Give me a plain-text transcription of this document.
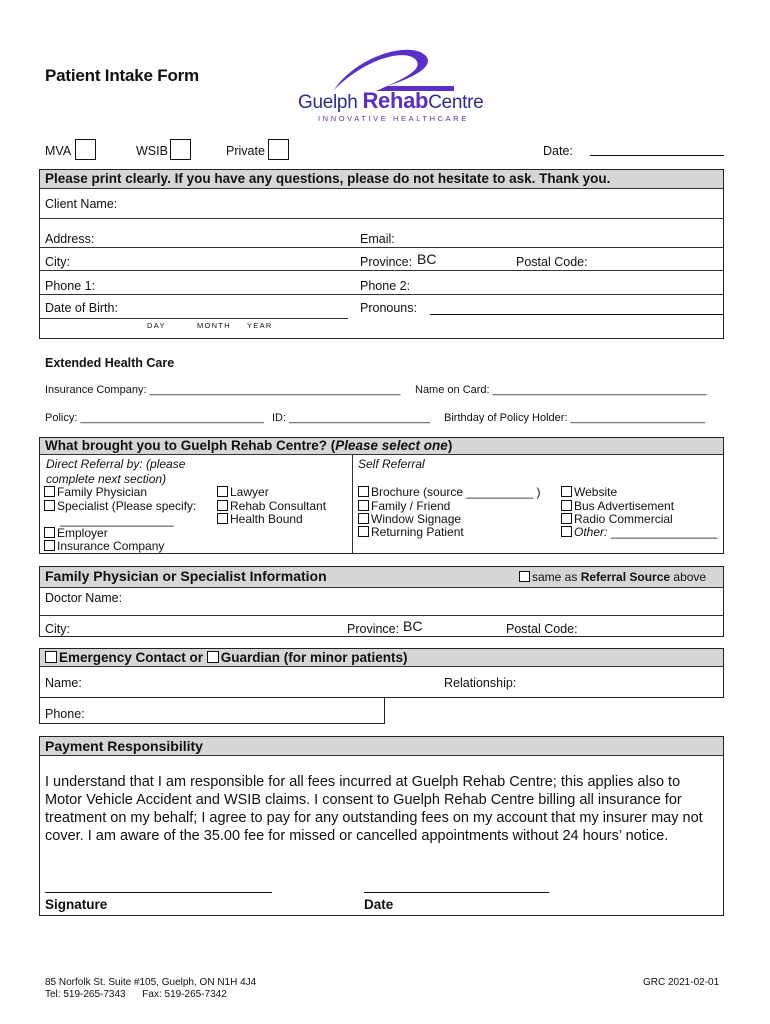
Patient Intake Form
Guelph RehabCentre
INNOVATIVE HEALTHCARE
MVA	WSIB	Private	Date:
Please print clearly. If you have any questions, please do not hesitate to ask. Thank you.
Client Name:
Address:	Email:
City:	Province: BC	Postal Code:
Phone 1:	Phone 2:
Date of Birth:	Pronouns:
DAY	MONTH YEAR
Extended Health Care
Insurance Company: _________________________________________ Name on Card: ___________________________________
Policy: ______________________________ ID: _______________________ Birthday of Policy Holder: ______________________
What brought you to Guelph Rehab Centre? (Please select one)
Direct Referral by: (please
complete next section)
Self Referral
Family Physician
Specialist (Please specify:
_________________
Employer
Insurance Company
Lawyer
Rehab Consultant
Health Bound
Brochure (source __________ )
Family / Friend
Window Signage
Returning Patient
Website
Bus Advertisement
Radio Commercial
Other: ________________
Family Physician or Specialist Information	same as Referral Source above
Doctor Name:
City:	Province: BC	Postal Code:
Emergency Contact or Guardian (for minor patients)
Name:	Relationship:
Phone:
Payment Responsibility
I understand that I am responsible for all fees incurred at Guelph Rehab Centre; this applies also to Motor Vehicle Accident and WSIB claims. I consent to Guelph Rehab Centre billing all insurance for treatment on my behalf; I agree to pay for any outstanding fees on my account that my insurer may not cover. I am aware of the 35.00 fee for missed or cancelled appointments without 24 hours’ notice.
Signature	Date
85 Norfolk St. Suite #105, Guelph, ON N1H 4J4
Tel: 519-265-7343      Fax: 519-265-7342
GRC 2021-02-01
